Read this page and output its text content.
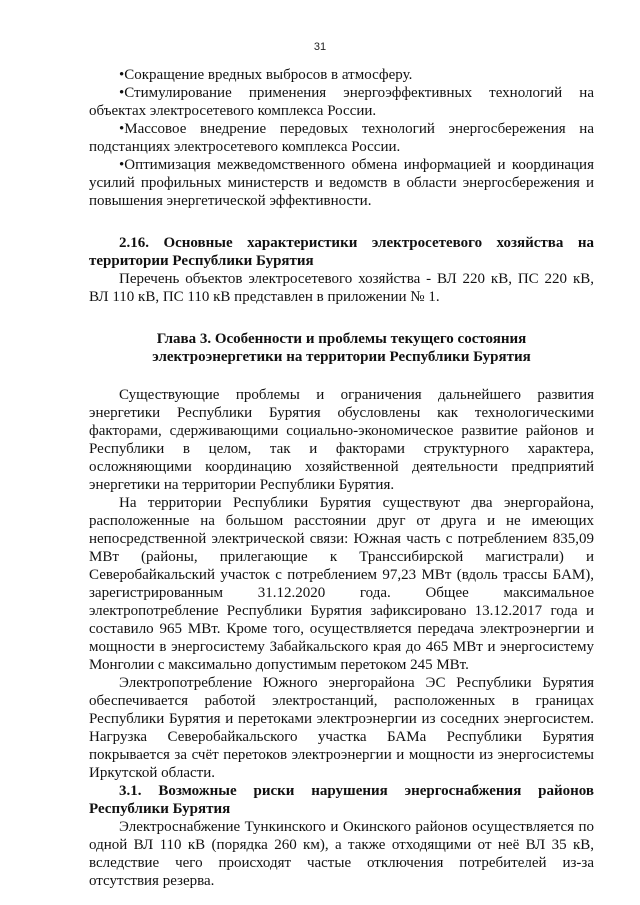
31

•Сокращение вредных выбросов в атмосферу.

•Стимулирование применения энергоэффективных технологий на объектах электросетевого комплекса России.

•Массовое внедрение передовых технологий энергосбережения на подстанциях электросетевого комплекса России.

•Оптимизация межведомственного обмена информацией и координация усилий профильных министерств и ведомств в области энергосбережения и повышения энергетической эффективности.

2.16. Основные характеристики электросетевого хозяйства на территории Республики Бурятия

Перечень объектов электросетевого хозяйства - ВЛ 220 кВ, ПС 220 кВ, ВЛ 110 кВ, ПС 110 кВ представлен в приложении № 1.

Глава 3. Особенности и проблемы текущего состояния

электроэнергетики на территории Республики Бурятия

Существующие проблемы и ограничения дальнейшего развития энергетики Республики Бурятия обусловлены как технологическими факторами, сдерживающими социально-экономическое развитие районов и Республики в целом, так и факторами структурного характера, осложняющими координацию хозяйственной деятельности предприятий энергетики на территории Республики Бурятия.

На территории Республики Бурятия существуют два энергорайона, расположенные на большом расстоянии друг от друга и не имеющих непосредственной электрической связи: Южная часть с потреблением 835,09 МВт (районы, прилегающие к Транссибирской магистрали) и Северобайкальский участок с потреблением 97,23 МВт (вдоль трассы БАМ), зарегистрированным 31.12.2020 года. Общее максимальное электропотребление Республики Бурятия зафиксировано 13.12.2017 года и составило 965 МВт. Кроме того, осуществляется передача электроэнергии и мощности в энергосистему Забайкальского края до 465 МВт и энергосистему Монголии с максимально допустимым перетоком 245 МВт.

Электропотребление Южного энергорайона ЭС Республики Бурятия обеспечивается работой электростанций, расположенных в границах Республики Бурятия и перетоками электроэнергии из соседних энергосистем. Нагрузка Северобайкальского участка БАМа Республики Бурятия покрывается за счёт перетоков электроэнергии и мощности из энергосистемы Иркутской области.

3.1. Возможные риски нарушения энергоснабжения районов Республики Бурятия

Электроснабжение Тункинского и Окинского районов осуществляется по одной ВЛ 110 кВ (порядка 260 км), а также отходящими от неё ВЛ 35 кВ, вследствие чего происходят частые отключения потребителей из-за отсутствия резерва.
